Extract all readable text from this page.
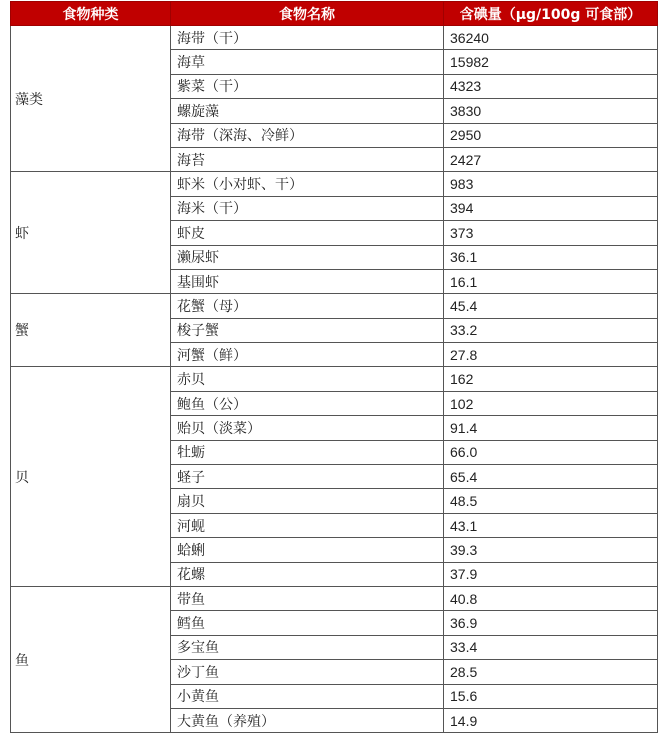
食物种类	食物名称	含碘量（μg/100g 可食部）
藻类	海带（干）	36240
	海草	15982
	紫菜（干）	4323
	螺旋藻	3830
	海带（深海、冷鲜）	2950
	海苔	2427
虾	虾米（小对虾、干）	983
	海米（干）	394
	虾皮	373
	濑尿虾	36.1
	基围虾	16.1
蟹	花蟹（母）	45.4
	梭子蟹	33.2
	河蟹（鲜）	27.8
贝	赤贝	162
	鲍鱼（公）	102
	贻贝（淡菜）	91.4
	牡蛎	66.0
	蛏子	65.4
	扇贝	48.5
	河蚬	43.1
	蛤蜊	39.3
	花螺	37.9
鱼	带鱼	40.8
	鳕鱼	36.9
	多宝鱼	33.4
	沙丁鱼	28.5
	小黄鱼	15.6
	大黄鱼（养殖）	14.9
